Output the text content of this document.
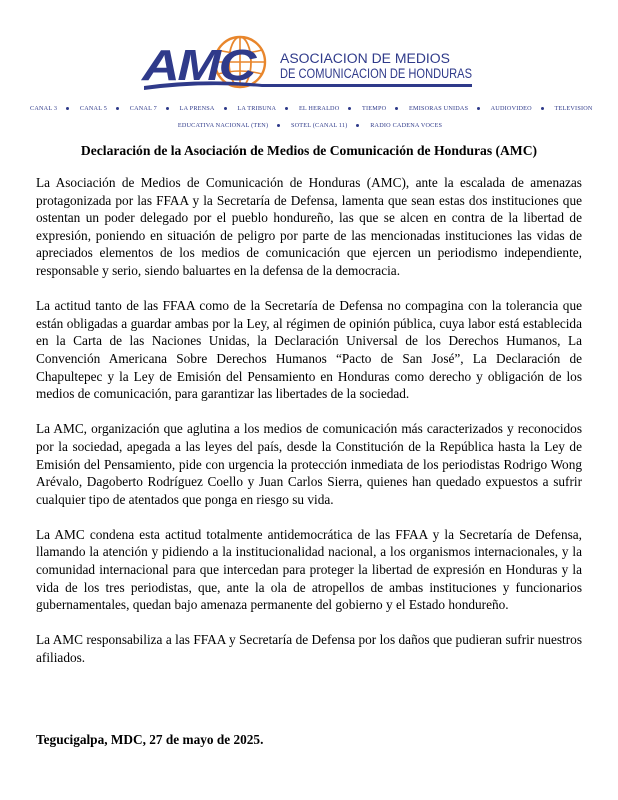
AMC ASOCIACION DE MEDIOS
DE COMUNICACION DE HONDURAS
CANAL 3	CANAL 5	CANAL 7	LA PRENSA	LA TRIBUNA	EL HERALDO	TIEMPO	EMISORAS UNIDAS	AUDIOVIDEO	TELEVISION
EDUCATIVA NACIONAL (TEN)	SOTEL (CANAL 11)	RADIO CADENA VOCES
Declaración de la Asociación de Medios de Comunicación de Honduras (AMC)

La Asociación de Medios de Comunicación de Honduras (AMC), ante la escalada de amenazas protagonizada por las FFAA y la Secretaría de Defensa, lamenta que sean estas dos instituciones que ostentan un poder delegado por el pueblo hondureño, las que se alcen en contra de la libertad de expresión, poniendo en situación de peligro por parte de las mencionadas instituciones las vidas de apreciados elementos de los medios de comunicación que ejercen un periodismo independiente, responsable y serio, siendo baluartes en la defensa de la democracia.

La actitud tanto de las FFAA como de la Secretaría de Defensa no compagina con la tolerancia que están obligadas a guardar ambas por la Ley, al régimen de opinión pública, cuya labor está establecida en la Carta de las Naciones Unidas, la Declaración Universal de los Derechos Humanos, La Convención Americana Sobre Derechos Humanos “Pacto de San José”, La Declaración de Chapultepec y la Ley de Emisión del Pensamiento en Honduras como derecho y obligación de los medios de comunicación, para garantizar las libertades de la sociedad.

La AMC, organización que aglutina a los medios de comunicación más caracterizados y reconocidos por la sociedad, apegada a las leyes del país, desde la Constitución de la República hasta la Ley de Emisión del Pensamiento, pide con urgencia la protección inmediata de los periodistas Rodrigo Wong Arévalo, Dagoberto Rodríguez Coello y Juan Carlos Sierra, quienes han quedado expuestos a sufrir cualquier tipo de atentados que ponga en riesgo su vida.

La AMC condena esta actitud totalmente antidemocrática de las FFAA y la Secretaría de Defensa, llamando la atención y pidiendo a la institucionalidad nacional, a los organismos internacionales, y la comunidad internacional para que intercedan para proteger la libertad de expresión en Honduras y la vida de los tres periodistas, que, ante la ola de atropellos de ambas instituciones y funcionarios gubernamentales, quedan bajo amenaza permanente del gobierno y el Estado hondureño.

La AMC responsabiliza a las FFAA y Secretaría de Defensa por los daños que pudieran sufrir nuestros afiliados.

Tegucigalpa, MDC, 27 de mayo de 2025.
